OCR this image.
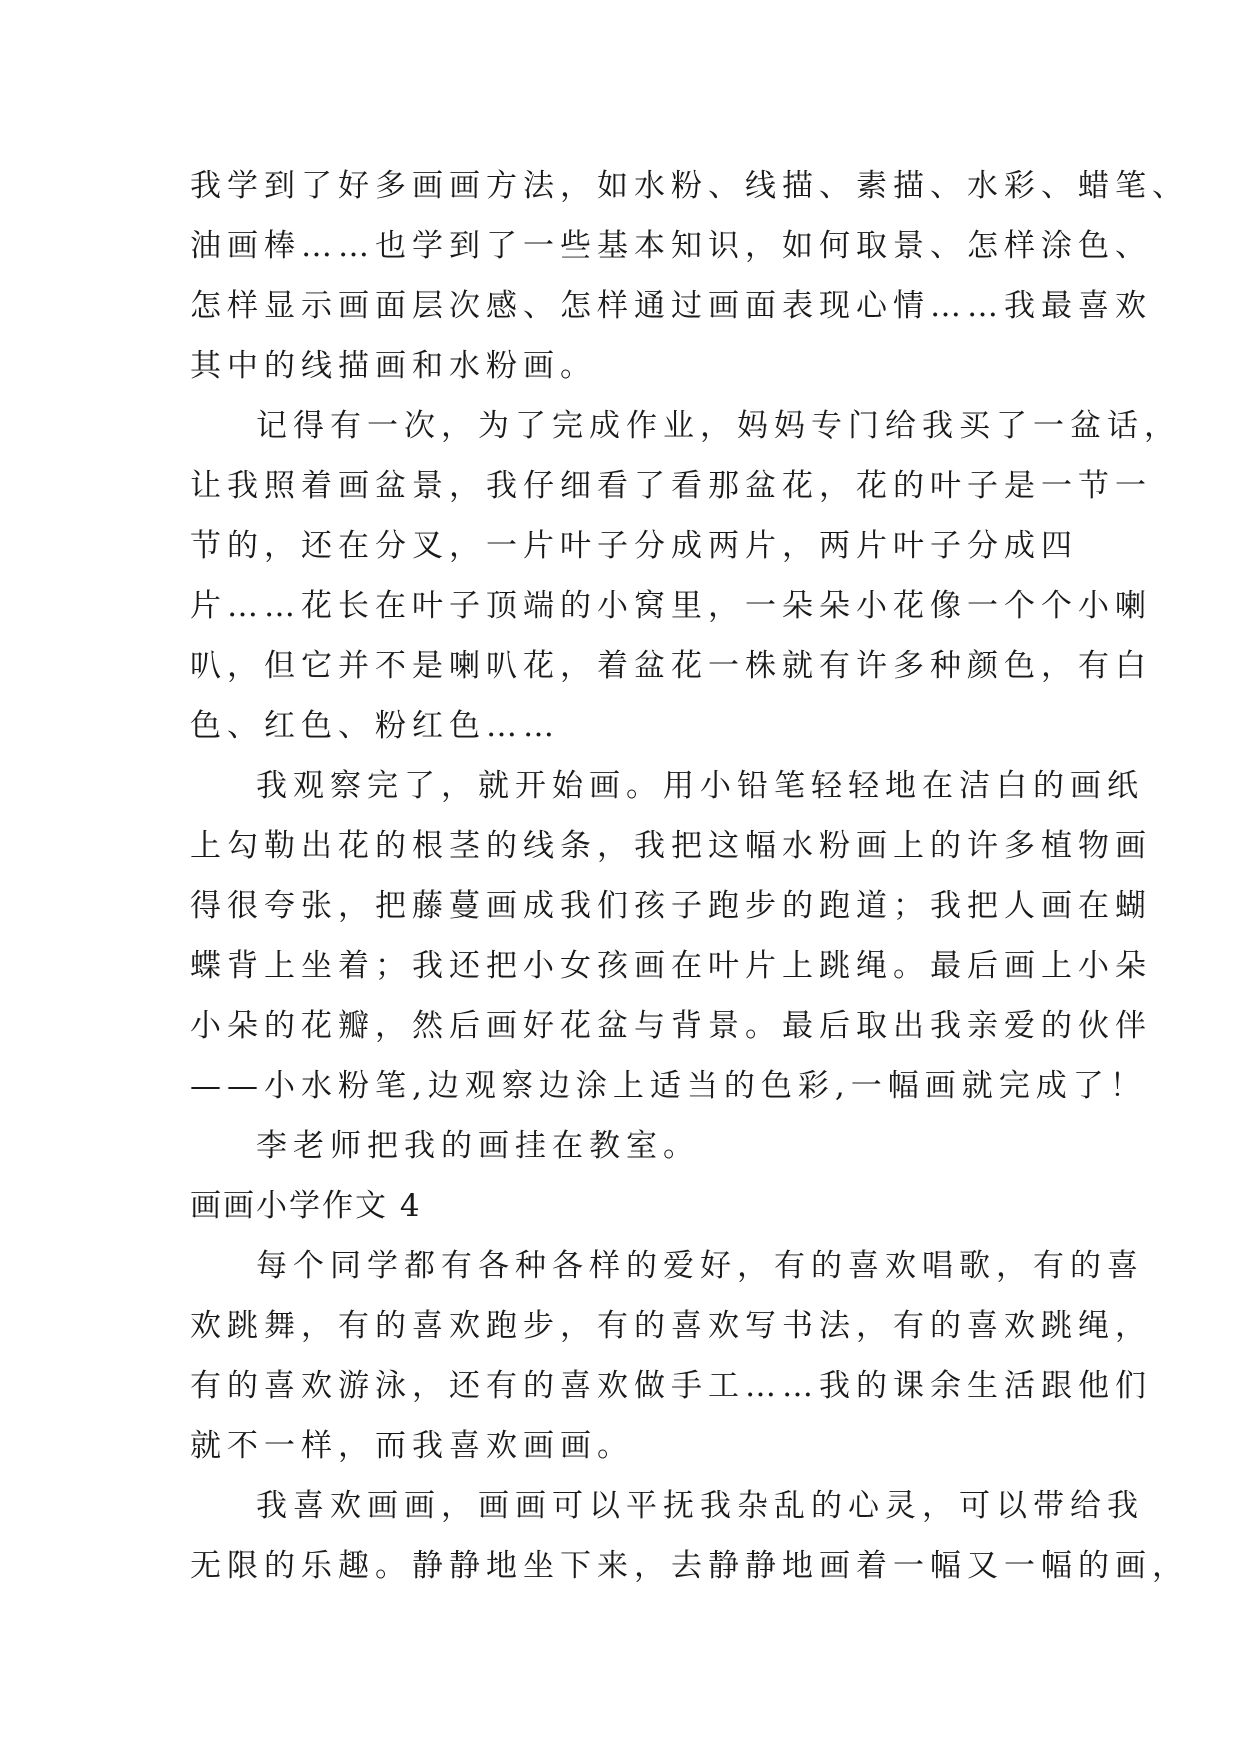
我学到了好多画画方法，如水粉、线描、素描、水彩、蜡笔、
油画棒……也学到了一些基本知识，如何取景、怎样涂色、
怎样显示画面层次感、怎样通过画面表现心情……我最喜欢
其中的线描画和水粉画。
记得有一次，为了完成作业，妈妈专门给我买了一盆话，
让我照着画盆景，我仔细看了看那盆花，花的叶子是一节一
节的，还在分叉，一片叶子分成两片，两片叶子分成四
片……花长在叶子顶端的小窝里，一朵朵小花像一个个小喇
叭，但它并不是喇叭花，着盆花一株就有许多种颜色，有白
色、红色、粉红色……
我观察完了，就开始画。用小铅笔轻轻地在洁白的画纸
上勾勒出花的根茎的线条，我把这幅水粉画上的许多植物画
得很夸张，把藤蔓画成我们孩子跑步的跑道；我把人画在蝴
蝶背上坐着；我还把小女孩画在叶片上跳绳。最后画上小朵
小朵的花瓣，然后画好花盆与背景。最后取出我亲爱的伙伴
——小水粉笔,边观察边涂上适当的色彩,一幅画就完成了！
李老师把我的画挂在教室。
画画小学作文 4
每个同学都有各种各样的爱好，有的喜欢唱歌，有的喜
欢跳舞，有的喜欢跑步，有的喜欢写书法，有的喜欢跳绳，
有的喜欢游泳，还有的喜欢做手工……我的课余生活跟他们
就不一样，而我喜欢画画。
我喜欢画画，画画可以平抚我杂乱的心灵，可以带给我
无限的乐趣。静静地坐下来，去静静地画着一幅又一幅的画，
